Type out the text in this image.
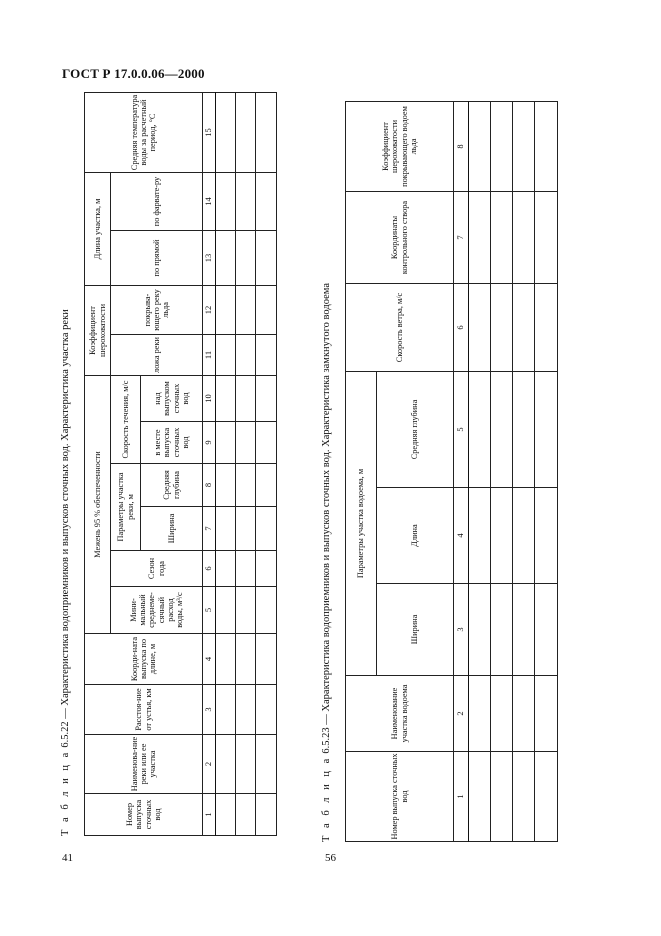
ГОСТ Р 17.0.0.06—2000
Т а б л и ц а 6.5.22 — Характеристика водоприемников и выпусков сточных вод. Характеристика участка реки
Номер выпуска сточных вод	Наименова-ние реки или ее участка	Расстоя-ние от устья, км	Коорди-ната выпуска по длине, м	Межень 95 % обеспеченности						Коэффициент шероховатости		Длина участка, м		Средняя температура воды за расчетный период, °С
				Мини-мальный среднеме-сячный расход воды, м³/с	Сезон года	Параметры участка реки, м		Скорость течения, м/с		ложа реки	покрыва-ющего реку льда	по прямой	по фарвате-ру	
						Ширина	Средняя глубина	в месте выпуска сточных вод	над выпуском сточных вод					
1	2	3	4	5	6	7	8	9	10	11	12	13	14	15

41
Т а б л и ц а 6.5.23 — Характеристика водоприемников и выпусков сточных вод. Характеристика замкнутого водоема
Номер выпуска сточных вод	Наименование участка водоема	Параметры участка водоема, м			Скорость ветра, м/с	Координаты контрольного створа	Коэффициент шероховатости покрывающего водоем льда
		Ширина	Длина	Средняя глубина			
1	2	3	4	5	6	7	8

56
